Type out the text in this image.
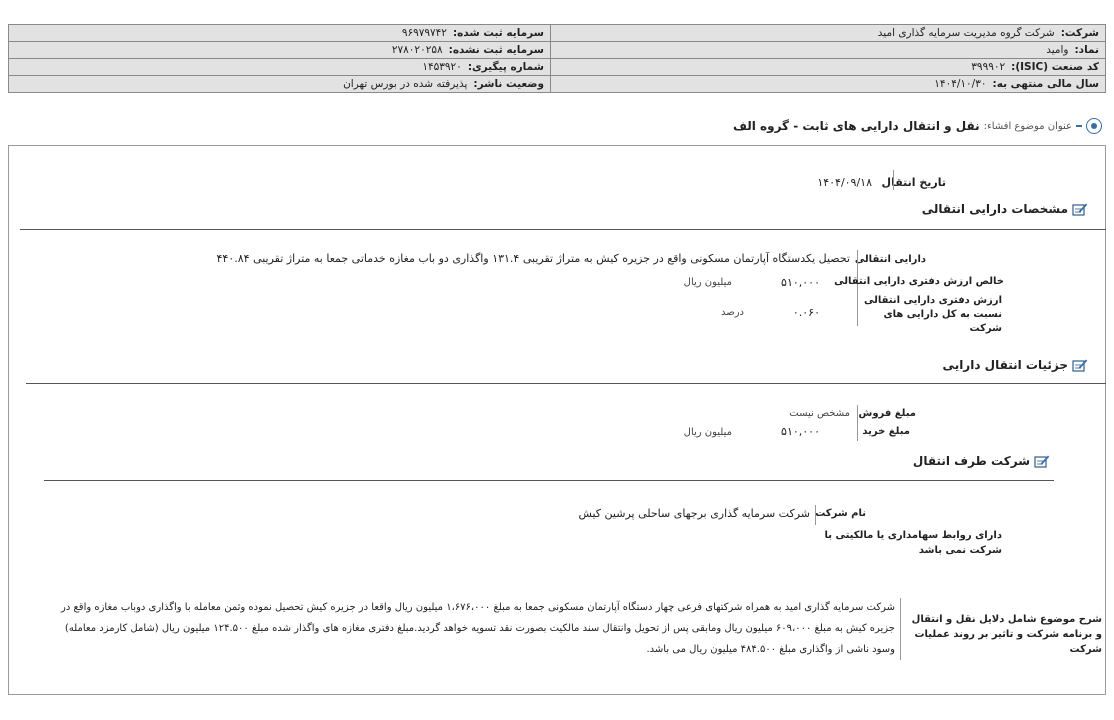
شرکت:شرکت گروه مدیریت سرمایه گذاری امید	سرمایه ثبت شده:۹۶۹۷۹۷۴۲
نماد:وامید	سرمایه ثبت نشده:۲۷۸۰۲۰۲۵۸
کد صنعت (ISIC):۳۹۹۹۰۲	شماره پیگیری:۱۴۵۳۹۲۰
سال مالی منتهی به:۱۴۰۴/۱۰/۳۰	وضعیت ناشر:پذیرفته شده در بورس تهران
عنوان موضوع افشاء:
نقل و انتقال دارایی های ثابت - گروه الف
تاریخ انتقال
۱۴۰۴/۰۹/۱۸
مشخصات دارایی انتقالی
دارایی انتقالی
تحصیل یکدستگاه آپارتمان مسکونی واقع در جزیره کیش به متراژ تقریبی ۱۳۱.۴ واگذاری دو باب مغازه خدماتی جمعا به متراژ تقریبی ۴۴۰.۸۴
خالص ارزش دفتری دارایی انتقالی
۵۱۰,۰۰۰
میلیون ریال
ارزش دفتری دارایی انتقالی نسبت به کل دارایی های شرکت
۰.۰۶۰
درصد
جزئیات انتقال دارایی
مبلغ فروش
مشخص نیست
مبلغ خرید
۵۱۰,۰۰۰
میلیون ریال
شرکت طرف انتقال
نام شرکت
شرکت سرمایه گذاری برجهای ساحلی پرشین کیش
دارای روابط سهامداری یا مالکیتی با شرکت نمی باشد
شرح موضوع شامل دلایل نقل و انتقال و برنامه شرکت و تاثیر بر روند عملیات شرکت
شرکت سرمایه گذاری امید به همراه شرکتهای فرعی چهار دستگاه آپارتمان مسکونی جمعا به مبلغ ۱،۶۷۶،۰۰۰ میلیون ریال واقعا در جزیره کیش تحصیل نموده وثمن معامله با واگذاری دوباب مغازه واقع در
جزیره کیش به مبلغ ۶۰۹،۰۰۰ میلیون ریال ومابقی پس از تحویل وانتقال سند مالکیت بصورت نقد تسویه خواهد گردید.مبلغ دفتری مغازه های واگذار شده مبلغ ۱۲۴.۵۰۰ میلیون ریال (شامل کارمزد معامله)
وسود ناشی از واگذاری مبلغ ۴۸۴.۵۰۰ میلیون ریال می باشد.
